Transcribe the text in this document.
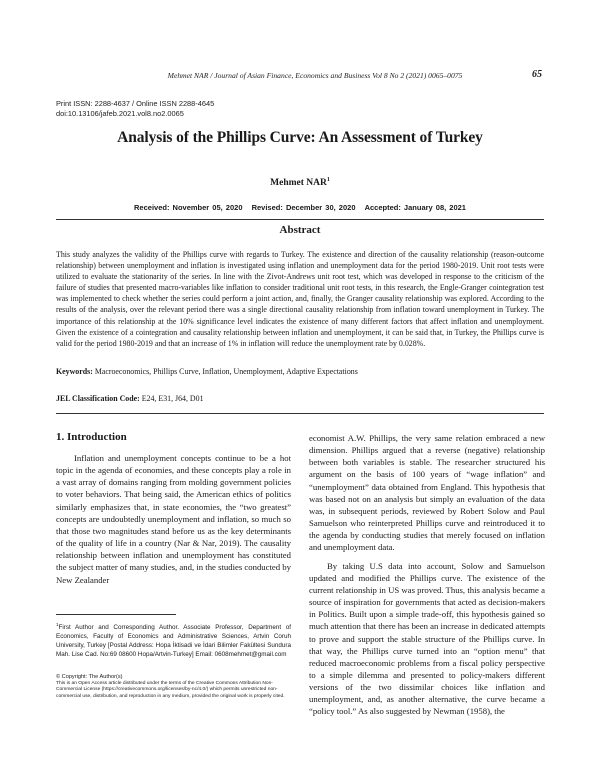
Mehmet NAR / Journal of Asian Finance, Economics and Business Vol 8 No 2 (2021) 0065–0075	65
Print ISSN: 2288-4637 / Online ISSN 2288-4645
doi:10.13106/jafeb.2021.vol8.no2.0065
Analysis of the Phillips Curve: An Assessment of Turkey
Mehmet NAR$^1$
Received: November 05, 2020 Revised: December 30, 2020 Accepted: January 08, 2021
Abstract
This study analyzes the validity of the Phillips curve with regards to Turkey. The existence and direction of the causality relationship (reason-outcome relationship) between unemployment and inflation is investigated using inflation and unemployment data for the period 1980-2019. Unit root tests were utilized to evaluate the stationarity of the series. In line with the Zivot-Andrews unit root test, which was developed in response to the criticism of the failure of studies that presented macro-variables like inflation to consider traditional unit root tests, in this research, the Engle-Granger cointegration test was implemented to check whether the series could perform a joint action, and, finally, the Granger causality relationship was explored. According to the results of the analysis, over the relevant period there was a single directional causality relationship from inflation toward unemployment in Turkey. The importance of this relationship at the 10% significance level indicates the existence of many different factors that affect inflation and unemployment. Given the existence of a cointegration and causality relationship between inflation and unemployment, it can be said that, in Turkey, the Phillips curve is valid for the period 1980-2019 and that an increase of 1% in inflation will reduce the unemployment rate by 0.028%.
Keywords: Macroeconomics, Phillips Curve, Inflation, Unemployment, Adaptive Expectations
JEL Classification Code: E24, E31, J64, D01
1. Introduction

Inflation and unemployment concepts continue to be a hot topic in the agenda of economies, and these concepts play a role in a vast array of domains ranging from molding government policies to voter behaviors. That being said, the American ethics of politics similarly emphasizes that, in state economies, the “two greatest” concepts are undoubtedly unemployment and inflation, so much so that those two magnitudes stand before us as the key determinants of the quality of life in a country (Nar & Nar, 2019). The causality relationship between inflation and unemployment has constituted the subject matter of many studies, and, in the studies conducted by New Zealander

economist A.W. Phillips, the very same relation embraced a new dimension. Phillips argued that a reverse (negative) relationship between both variables is stable. The researcher structured his argument on the basis of 100 years of “wage inflation” and “unemployment” data obtained from England. This hypothesis that was based not on an analysis but simply an evaluation of the data was, in subsequent periods, reviewed by Robert Solow and Paul Samuelson who reinterpreted Phillips curve and reintroduced it to the agenda by conducting studies that merely focused on inflation and unemployment data.

By taking U.S data into account, Solow and Samuelson updated and modified the Phillips curve. The existence of the current relationship in US was proved. Thus, this analysis became a source of inspiration for governments that acted as decision-makers in Politics. Built upon a simple trade-off, this hypothesis gained so much attention that there has been an increase in dedicated attempts to prove and support the stable structure of the Phillips curve. In that way, the Phillips curve turned into an “option menu” that reduced macroeconomic problems from a fiscal policy perspective to a simple dilemma and presented to policy-makers different versions of the two dissimilar choices like inflation and unemployment, and, as another alternative, the curve became a “policy tool.” As also suggested by Newman (1958), the

$^1$First Author and Corresponding Author. Associate Professor, Department of Economics, Faculty of Economics and Administrative Sciences, Artvin Coruh University, Turkey [Postal Address: Hopa İktisadi ve İdari Bilimler Fakültesi Sundura Mah. Lise Cad. No:69 08600 Hopa/Artvin-Turkey] Email: 0608mehmet@gmail.com
© Copyright: The Author(s)
This is an Open Access article distributed under the terms of the Creative Commons Attribution Non-Commercial License (https://creativecommons.org/licenses/by-nc/4.0/) which permits unrestricted non-commercial use, distribution, and reproduction in any medium, provided the original work is properly cited.
